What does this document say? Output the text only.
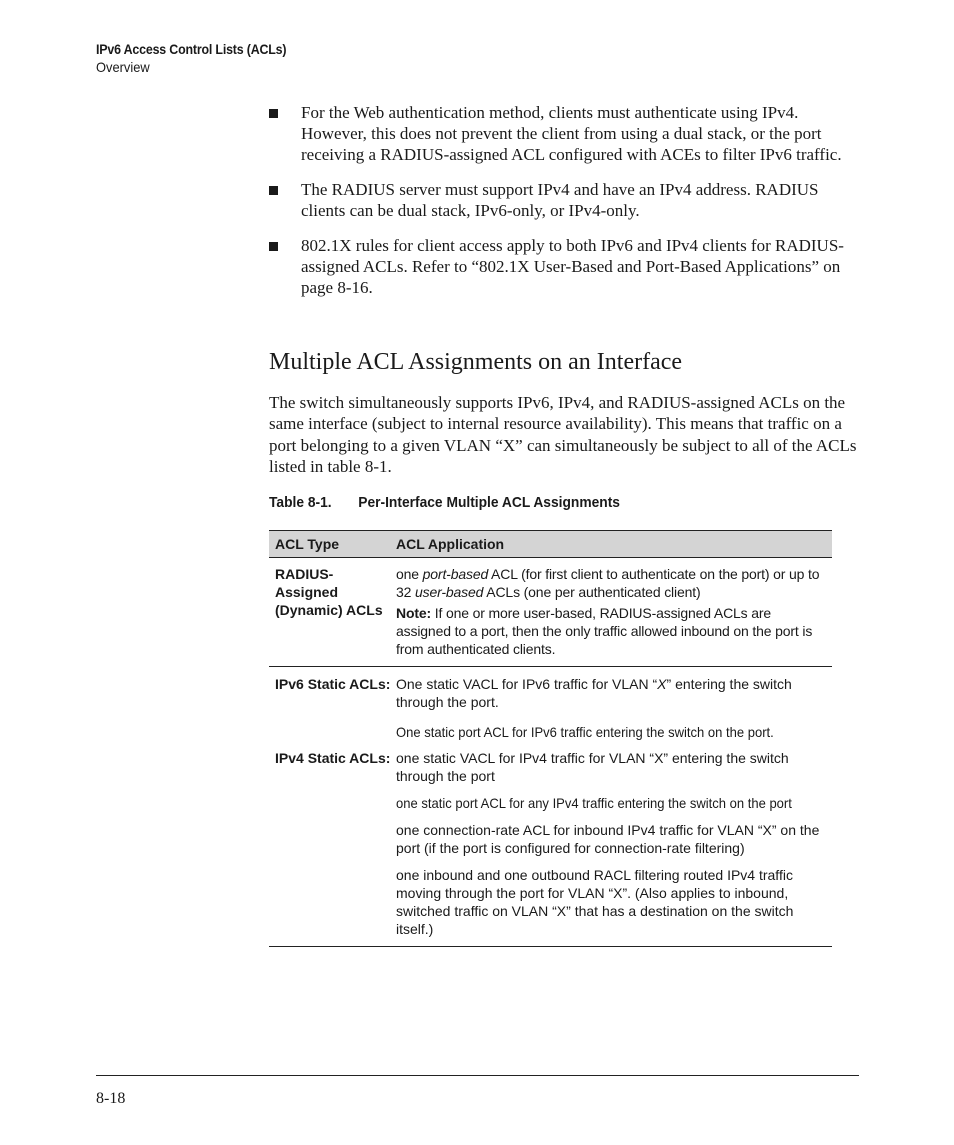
IPv6 Access Control Lists (ACLs)
Overview
For the Web authentication method, clients must authenticate using IPv4. However, this does not prevent the client from using a dual stack, or the port receiving a RADIUS-assigned ACL configured with ACEs to filter IPv6 traffic.
The RADIUS server must support IPv4 and have an IPv4 address. RADIUS clients can be dual stack, IPv6-only, or IPv4-only.
802.1X rules for client access apply to both IPv6 and IPv4 clients for RADIUS-assigned ACLs. Refer to “802.1X User-Based and Port-Based Applications” on page 8-16.
Multiple ACL Assignments on an Interface

The switch simultaneously supports IPv6, IPv4, and RADIUS-assigned ACLs on the same interface (subject to internal resource availability). This means that traffic on a port belonging to a given VLAN “X” can simultaneously be subject to all of the ACLs listed in table 8-1.

Table 8-1. Per-Interface Multiple ACL Assignments
ACL Type	ACL Application
RADIUS-Assigned (Dynamic) ACLs
one port-based ACL (for first client to authenticate on the port) or up to 32 user-based ACLs (one per authenticated client)
Note: If one or more user-based, RADIUS-assigned ACLs are assigned to a port, then the only traffic allowed inbound on the port is from authenticated clients.
IPv6 Static ACLs: One static VACL for IPv6 traffic for VLAN “X” entering the switch through the port.
One static port ACL for IPv6 traffic entering the switch on the port.
IPv4 Static ACLs: one static VACL for IPv4 traffic for VLAN “X” entering the switch through the port
one static port ACL for any IPv4 traffic entering the switch on the port
one connection-rate ACL for inbound IPv4 traffic for VLAN “X” on the port (if the port is configured for connection-rate filtering)
one inbound and one outbound RACL filtering routed IPv4 traffic moving through the port for VLAN “X”. (Also applies to inbound, switched traffic on VLAN “X” that has a destination on the switch itself.)
8-18
